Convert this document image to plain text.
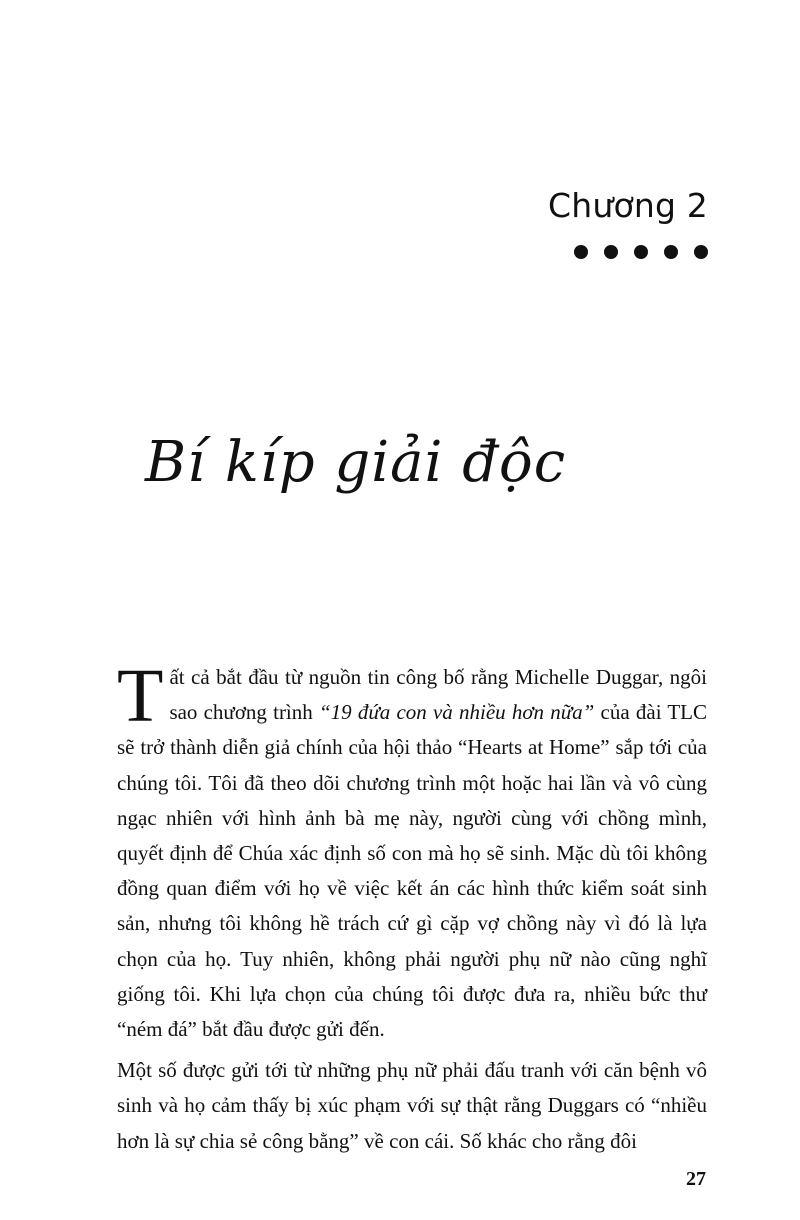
Chương 2
Bí kíp giải độc

Tất cả bắt đầu từ nguồn tin công bố rằng Michelle Duggar, ngôi sao chương trình “19 đứa con và nhiều hơn nữa” của đài TLC sẽ trở thành diễn giả chính của hội thảo “Hearts at Home” sắp tới của chúng tôi. Tôi đã theo dõi chương trình một hoặc hai lần và vô cùng ngạc nhiên với hình ảnh bà mẹ này, người cùng với chồng mình, quyết định để Chúa xác định số con mà họ sẽ sinh. Mặc dù tôi không đồng quan điểm với họ về việc kết án các hình thức kiểm soát sinh sản, nhưng tôi không hề trách cứ gì cặp vợ chồng này vì đó là lựa chọn của họ. Tuy nhiên, không phải người phụ nữ nào cũng nghĩ giống tôi. Khi lựa chọn của chúng tôi được đưa ra, nhiều bức thư “ném đá” bắt đầu được gửi đến.

Một số được gửi tới từ những phụ nữ phải đấu tranh với căn bệnh vô sinh và họ cảm thấy bị xúc phạm với sự thật rằng Duggars có “nhiều hơn là sự chia sẻ công bằng” về con cái. Số khác cho rằng đôi

27
